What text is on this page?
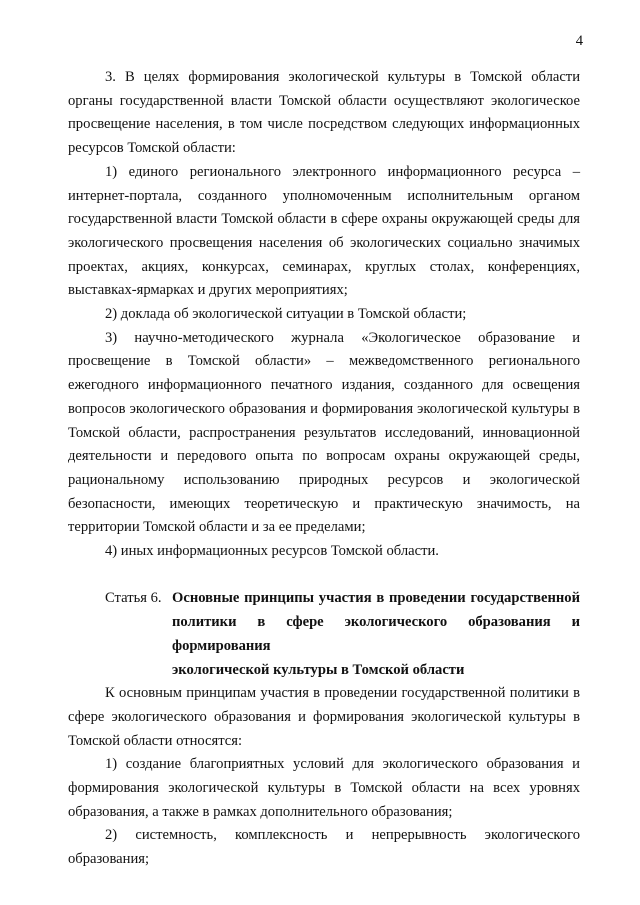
4

3. В целях формирования экологической культуры в Томской области органы государственной власти Томской области осуществляют экологическое просвещение населения, в том числе посредством следующих информационных ресурсов Томской области:

1) единого регионального электронного информационного ресурса – интернет-портала, созданного уполномоченным исполнительным органом государственной власти Томской области в сфере охраны окружающей среды для экологического просвещения населения об экологических социально значимых проектах, акциях, конкурсах, семинарах, круглых столах, конференциях, выставках-ярмарках и других мероприятиях;

2) доклада об экологической ситуации в Томской области;

3) научно-методического журнала «Экологическое образование и просвещение в Томской области» – межведомственного регионального ежегодного информационного печатного издания, созданного для освещения вопросов экологического образования и формирования экологической культуры в Томской области, распространения результатов исследований, инновационной деятельности и передового опыта по вопросам охраны окружающей среды, рациональному использованию природных ресурсов и экологической безопасности, имеющих теоретическую и практическую значимость, на территории Томской области и за ее пределами;

4) иных информационных ресурсов Томской области.

Статья 6. Основные принципы участия в проведении государственной
политики в сфере экологического образования и формирования
экологической культуры в Томской области

К основным принципам участия в проведении государственной политики в сфере экологического образования и формирования экологической культуры в Томской области относятся:

1) создание благоприятных условий для экологического образования и формирования экологической культуры в Томской области на всех уровнях образования, а также в рамках дополнительного образования;

2) системность, комплексность и непрерывность экологического образования;
